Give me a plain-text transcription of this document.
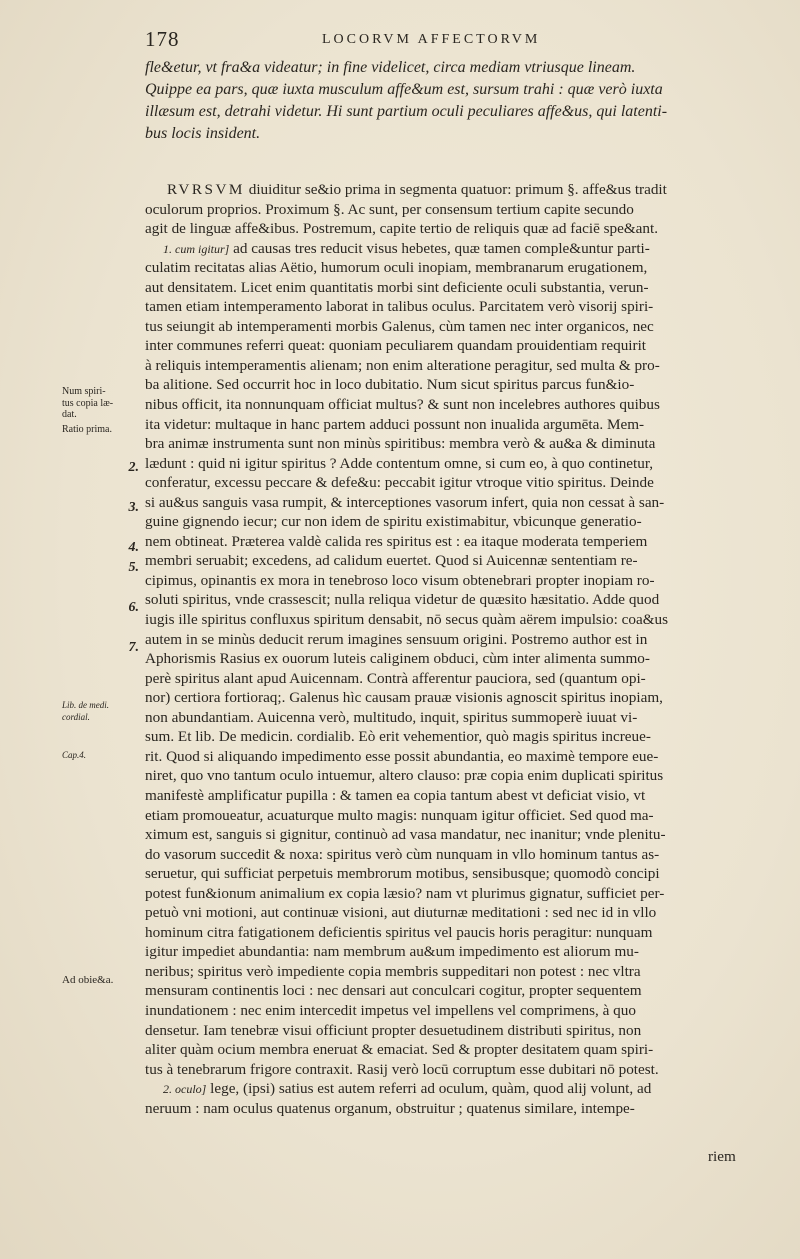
178	LOCORVM AFFECTORVM
fle&etur, vt fra&a videatur; in fine videlicet, circa mediam vtriusque lineam.
Quippe ea pars, quæ iuxta musculum affe&um est, sursum trahi : quæ verò iuxta
illæsum est, detrahi videtur. Hi sunt partium oculi peculiares affe&us, qui latenti-
bus locis insident.
RVRSVM diuiditur se&io prima in segmenta quatuor: primum §. affe&us tradit
oculorum proprios. Proximum §. Ac sunt, per consensum tertium capite secundo
agit de linguæ affe&ibus. Postremum, capite tertio de reliquis quæ ad faciē spe&ant.
1. cum igitur] ad causas tres reducit visus hebetes, quæ tamen comple&untur parti-
culatim recitatas alias Aëtio, humorum oculi inopiam, membranarum erugationem,
aut densitatem. Licet enim quantitatis morbi sint deficiente oculi substantia, verun-
tamen etiam intemperamento laborat in talibus oculus. Parcitatem verò visorij spiri-
tus seiungit ab intemperamenti morbis Galenus, cùm tamen nec inter organicos, nec
inter communes referri queat: quoniam peculiarem quandam prouidentiam requirit
à reliquis intemperamentis alienam; non enim alteratione peragitur, sed multa & pro-
ba alitione. Sed occurrit hoc in loco dubitatio. Num sicut spiritus parcus fun&io-
nibus officit, ita nonnunquam officiat multus? & sunt non incelebres authores quibus
ita videtur: multaque in hanc partem adduci possunt non inualida argumēta. Mem-
bra animæ instrumenta sunt non minùs spiritibus: membra verò & au&a & diminuta
lædunt : quid ni igitur spiritus ? Adde contentum omne, si cum eo, à quo continetur,
conferatur, excessu peccare & defe&u: peccabit igitur vtroque vitio spiritus. Deinde
si au&us sanguis vasa rumpit, & interceptiones vasorum infert, quia non cessat à san-
guine gignendo iecur; cur non idem de spiritu existimabitur, vbicunque generatio-
nem obtineat. Præterea valdè calida res spiritus est : ea itaque moderata temperiem
membri seruabit; excedens, ad calidum euertet. Quod si Auicennæ sententiam re-
cipimus, opinantis ex mora in tenebroso loco visum obtenebrari propter inopiam ro-
soluti spiritus, vnde crassescit; nulla reliqua videtur de quæsito hæsitatio. Adde quod
iugis ille spiritus confluxus spiritum densabit, nō secus quàm aërem impulsio: coa&us
autem in se minùs deducit rerum imagines sensuum origini. Postremo author est in
Aphorismis Rasius ex ouorum luteis caliginem obduci, cùm inter alimenta summo-
perè spiritus alant apud Auicennam. Contrà afferentur pauciora, sed (quantum opi-
nor) certiora fortioraq;. Galenus hìc causam prauæ visionis agnoscit spiritus inopiam,
non abundantiam. Auicenna verò, multitudo, inquit, spiritus summoperè iuuat vi-
sum. Et lib. De medicin. cordialib. Eò erit vehementior, quò magis spiritus increue-
rit. Quod si aliquando impedimento esse possit abundantia, eo maximè tempore eue-
niret, quo vno tantum oculo intuemur, altero clauso: præ copia enim duplicati spiritus
manifestè amplificatur pupilla : & tamen ea copia tantum abest vt deficiat visio, vt
etiam promoueatur, acuaturque multo magis: nunquam igitur officiet. Sed quod ma-
ximum est, sanguis si gignitur, continuò ad vasa mandatur, nec inanitur; vnde plenitu-
do vasorum succedit & noxa: spiritus verò cùm nunquam in vllo hominum tantus as-
seruetur, qui sufficiat perpetuis membrorum motibus, sensibusque; quomodò concipi
potest fun&ionum animalium ex copia læsio? nam vt plurimus gignatur, sufficiet per-
petuò vni motioni, aut continuæ visioni, aut diuturnæ meditationi : sed nec id in vllo
hominum citra fatigationem deficientis spiritus vel paucis horis peragitur: nunquam
igitur impediet abundantia: nam membrum au&um impedimento est aliorum mu-
neribus; spiritus verò impediente copia membris suppeditari non potest : nec vltra
mensuram continentis loci : nec densari aut conculcari cogitur, propter sequentem
inundationem : nec enim intercedit impetus vel impellens vel comprimens, à quo
densetur. Iam tenebræ visui officiunt propter desuetudinem distributi spiritus, non
aliter quàm ocium membra eneruat & emaciat. Sed & propter desitatem quam spiri-
tus à tenebrarum frigore contraxit. Rasij verò locū corruptum esse dubitari nō potest.
2. oculo] lege, (ipsi) satius est autem referri ad oculum, quàm, quod alij volunt, ad
neruum : nam oculus quatenus organum, obstruitur ; quatenus similare, intempe-
2.
3.
4.
5.
6.
7.
Num spiri-
tus copia læ-
dat.
Ratio prima.
Lib. de medi.
cordial.
Cap.4.
Ad obie&a.
riem
